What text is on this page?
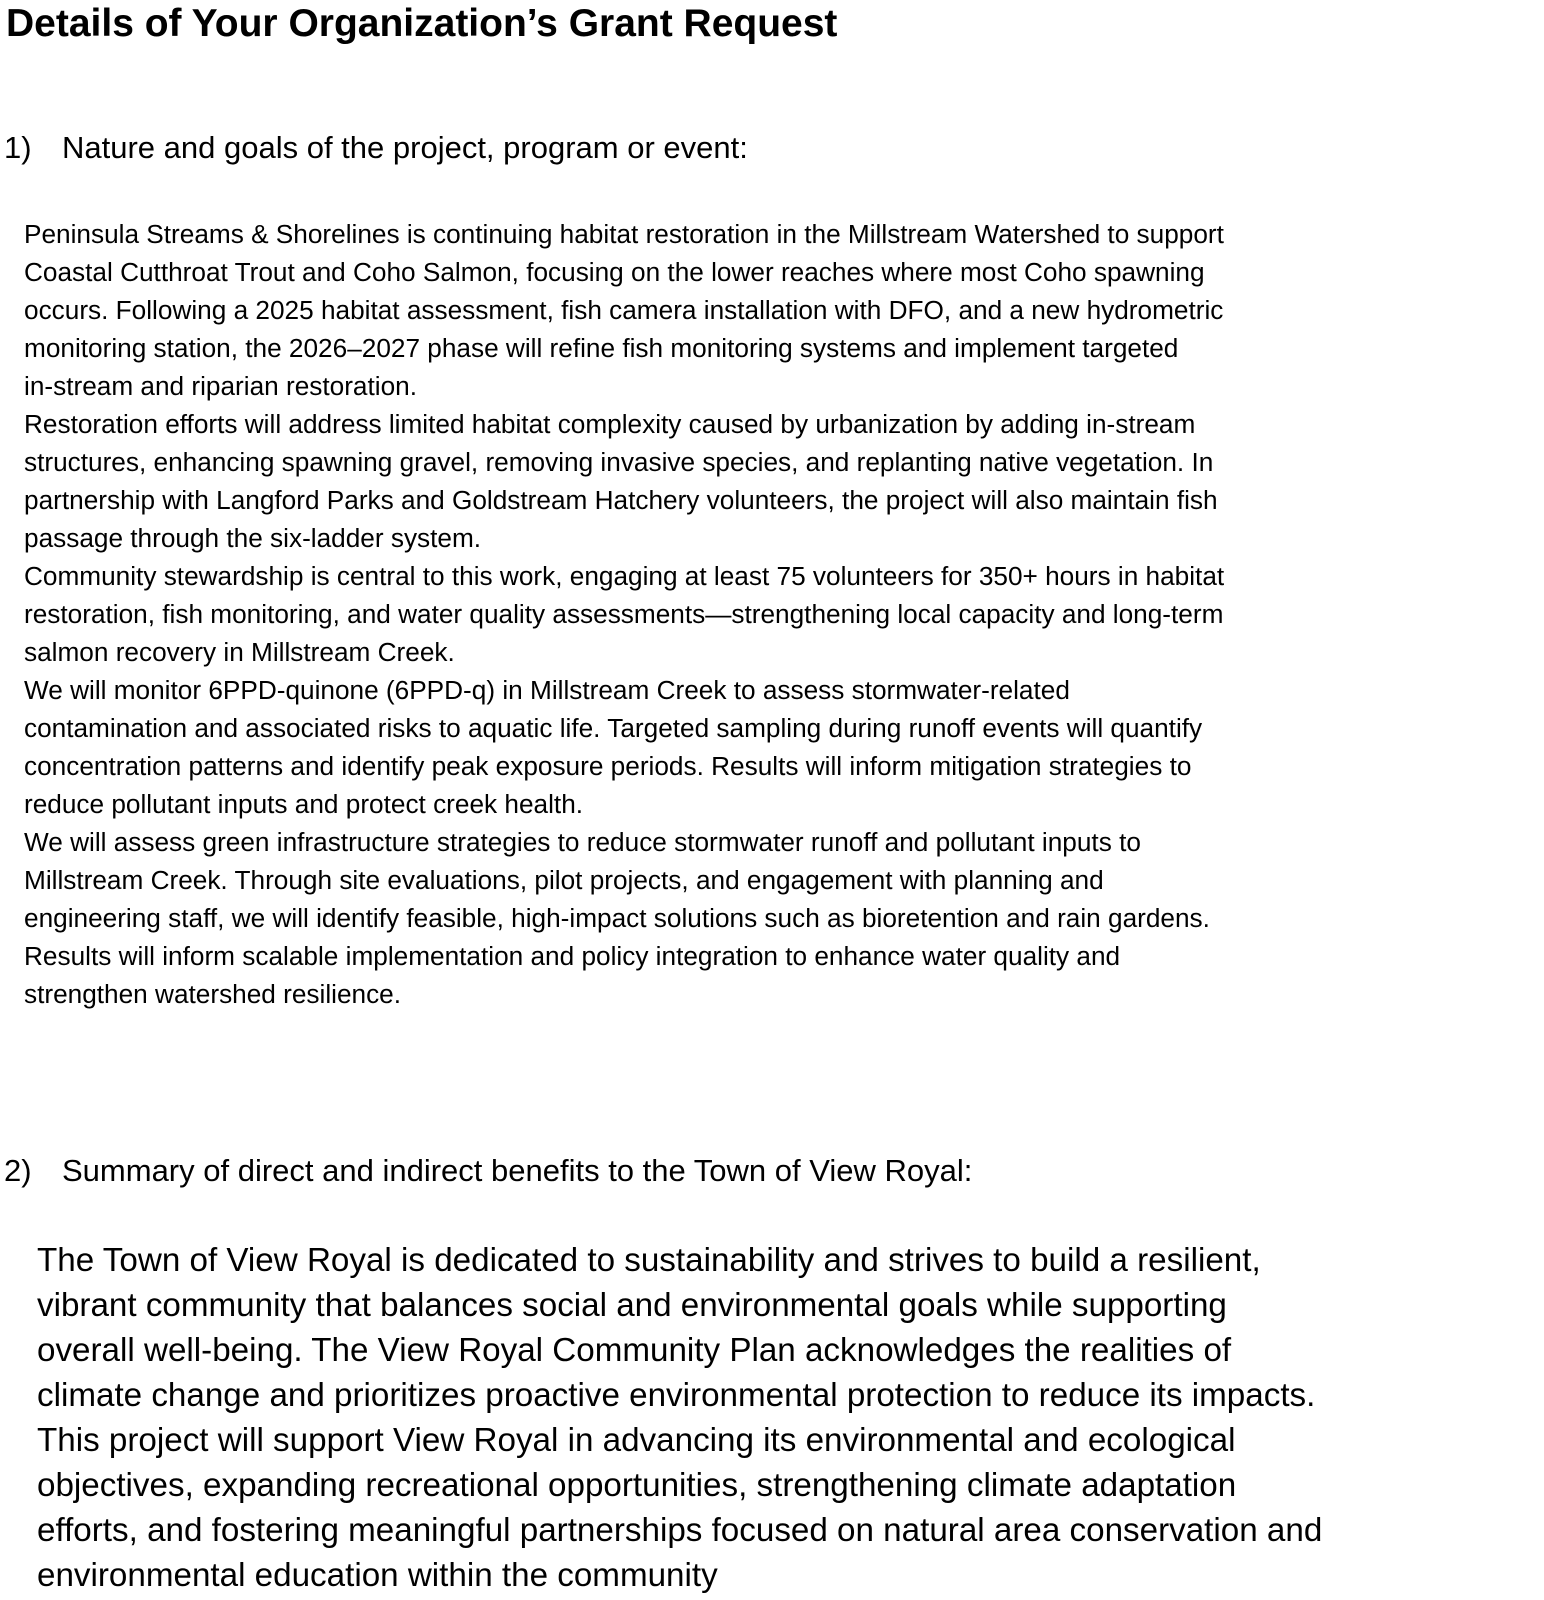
Details of Your Organization’s Grant Request
1) Nature and goals of the project, program or event:

Peninsula Streams & Shorelines is continuing habitat restoration in the Millstream Watershed to support

Coastal Cutthroat Trout and Coho Salmon, focusing on the lower reaches where most Coho spawning

occurs. Following a 2025 habitat assessment, fish camera installation with DFO, and a new hydrometric

monitoring station, the 2026–2027 phase will refine fish monitoring systems and implement targeted

in-stream and riparian restoration.

Restoration efforts will address limited habitat complexity caused by urbanization by adding in-stream

structures, enhancing spawning gravel, removing invasive species, and replanting native vegetation. In

partnership with Langford Parks and Goldstream Hatchery volunteers, the project will also maintain fish

passage through the six-ladder system.

Community stewardship is central to this work, engaging at least 75 volunteers for 350+ hours in habitat

restoration, fish monitoring, and water quality assessments—strengthening local capacity and long-term

salmon recovery in Millstream Creek.

We will monitor 6PPD-quinone (6PPD-q) in Millstream Creek to assess stormwater-related

contamination and associated risks to aquatic life. Targeted sampling during runoff events will quantify

concentration patterns and identify peak exposure periods. Results will inform mitigation strategies to

reduce pollutant inputs and protect creek health.

We will assess green infrastructure strategies to reduce stormwater runoff and pollutant inputs to

Millstream Creek. Through site evaluations, pilot projects, and engagement with planning and

engineering staff, we will identify feasible, high-impact solutions such as bioretention and rain gardens.

Results will inform scalable implementation and policy integration to enhance water quality and

strengthen watershed resilience.

2) Summary of direct and indirect benefits to the Town of View Royal:

The Town of View Royal is dedicated to sustainability and strives to build a resilient,

vibrant community that balances social and environmental goals while supporting

overall well-being. The View Royal Community Plan acknowledges the realities of

climate change and prioritizes proactive environmental protection to reduce its impacts.

This project will support View Royal in advancing its environmental and ecological

objectives, expanding recreational opportunities, strengthening climate adaptation

efforts, and fostering meaningful partnerships focused on natural area conservation and

environmental education within the community
